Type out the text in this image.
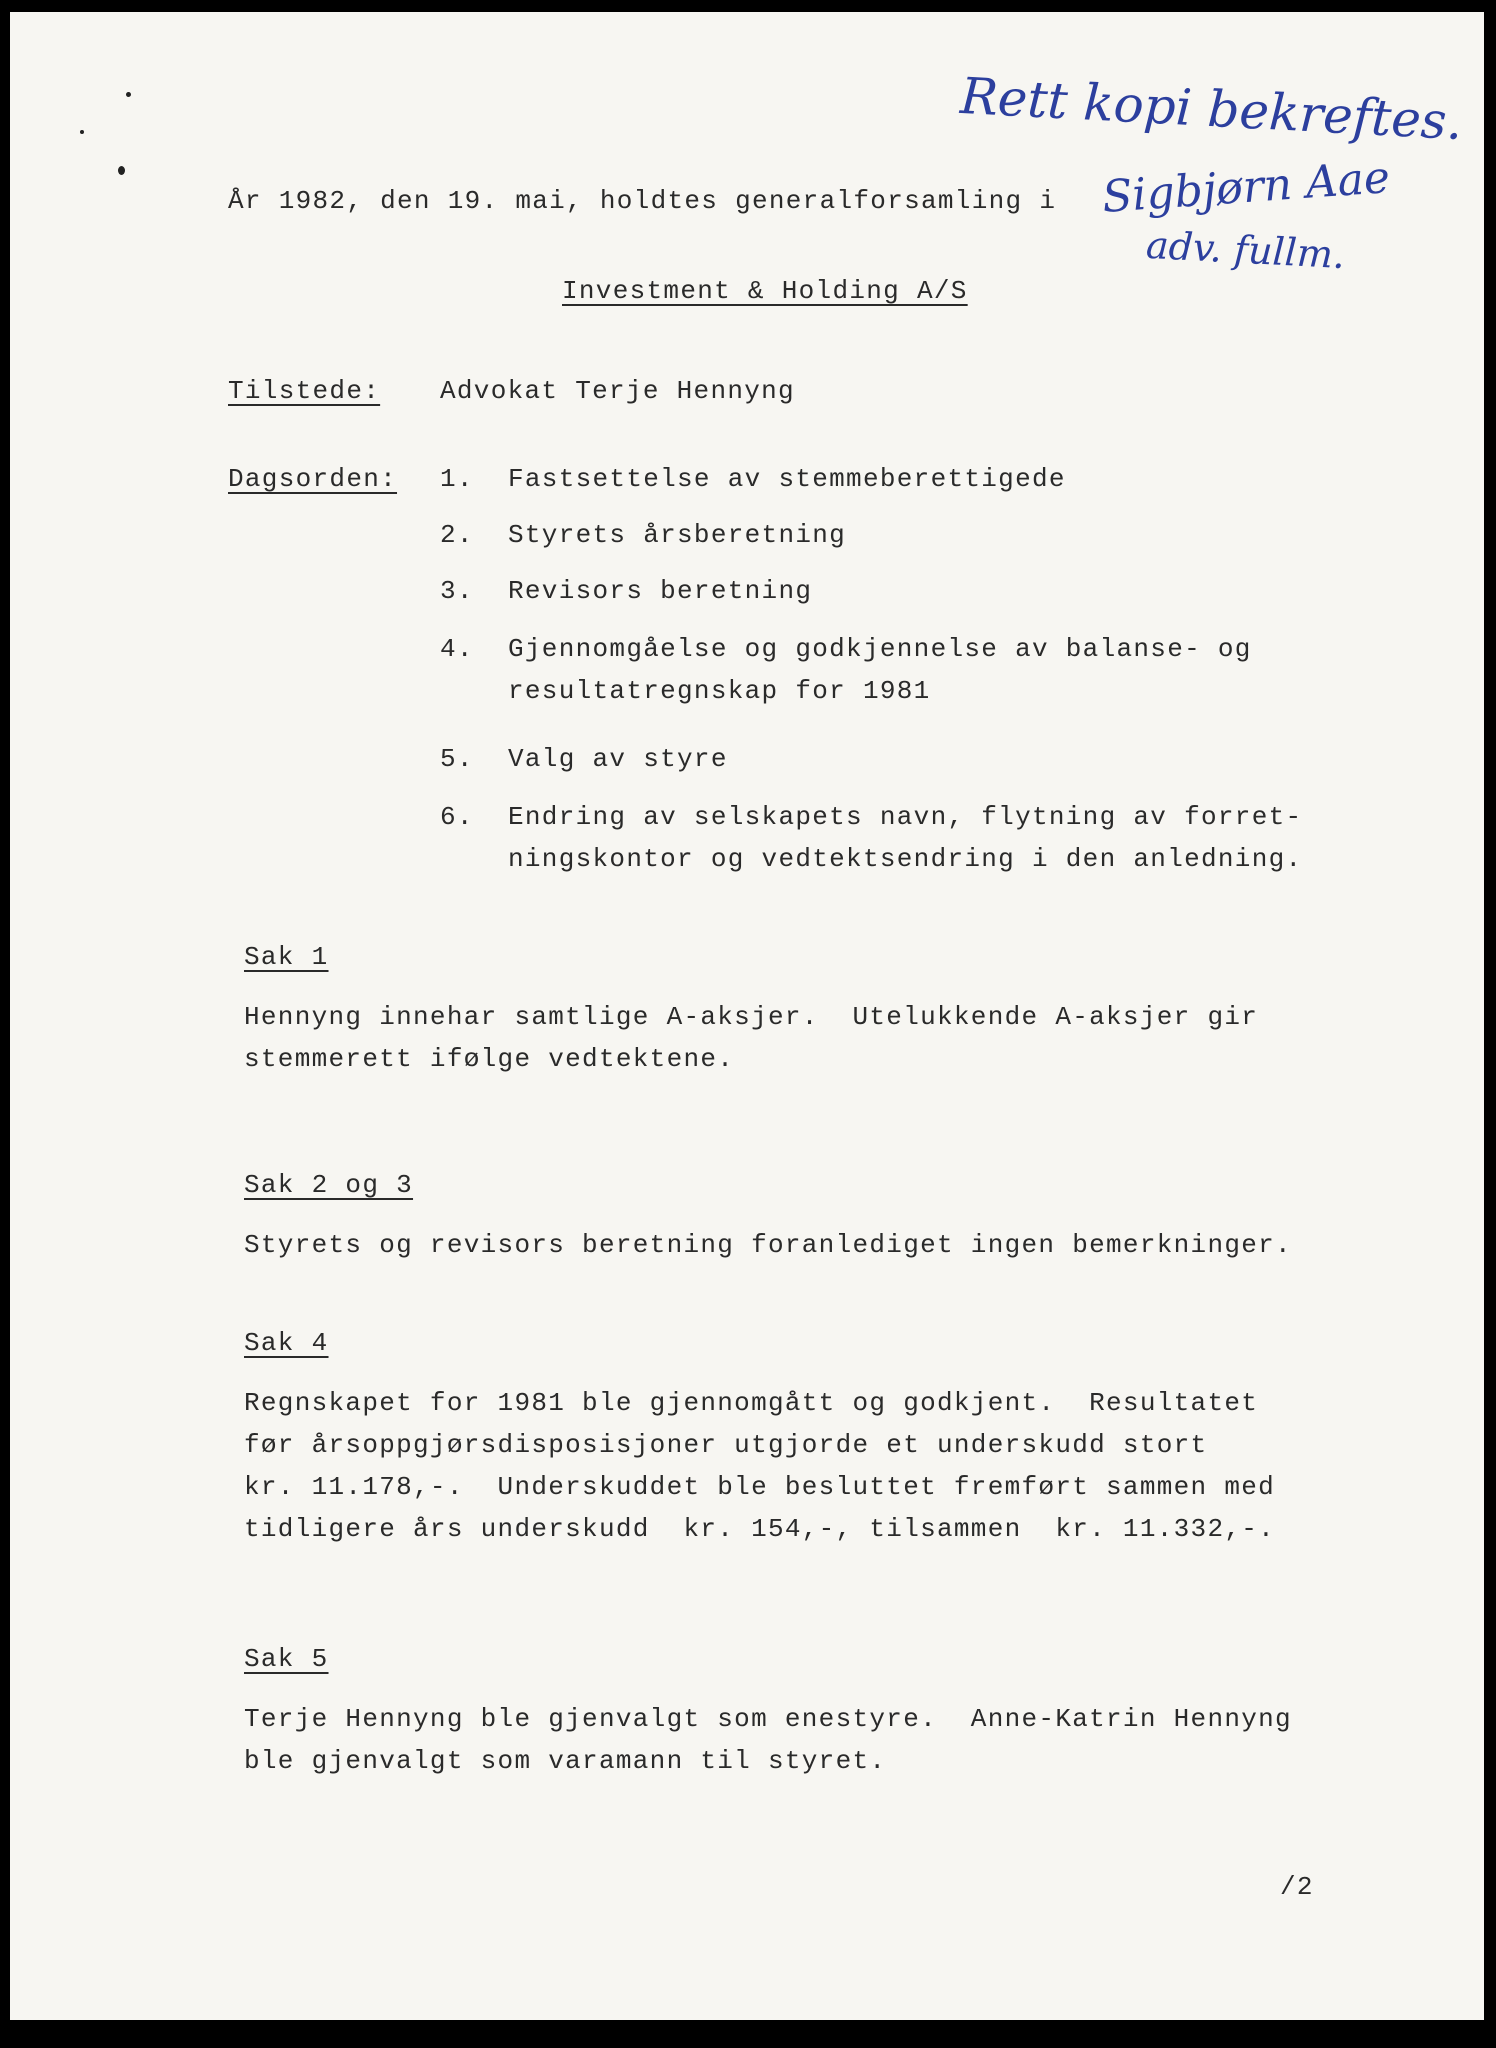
År 1982, den 19. mai, holdtes generalforsamling i

Investment & Holding A/S

Tilstede: Advokat Terje Hennyng

Dagsorden: 1. Fastsettelse av stemmeberettigede

2. Styrets årsberetning

3. Revisors beretning

4. Gjennomgåelse og godkjennelse av balanse- og

resultatregnskap for 1981

5. Valg av styre

6. Endring av selskapets navn, flytning av forret-

ningskontor og vedtektsendring i den anledning.

Sak 1

Hennyng innehar samtlige A-aksjer.  Utelukkende A-aksjer gir

stemmerett ifølge vedtektene.

Sak 2 og 3

Styrets og revisors beretning foranlediget ingen bemerkninger.

Sak 4

Regnskapet for 1981 ble gjennomgått og godkjent.  Resultatet

før årsoppgjørsdisposisjoner utgjorde et underskudd stort

kr. 11.178,-.  Underskuddet ble besluttet fremført sammen med

tidligere års underskudd  kr. 154,-, tilsammen  kr. 11.332,-.

Sak 5

Terje Hennyng ble gjenvalgt som enestyre.  Anne-Katrin Hennyng

ble gjenvalgt som varamann til styret.

/2

Rett kopi bekreftes.

Sigbjørn Aae

adv. fullm.
